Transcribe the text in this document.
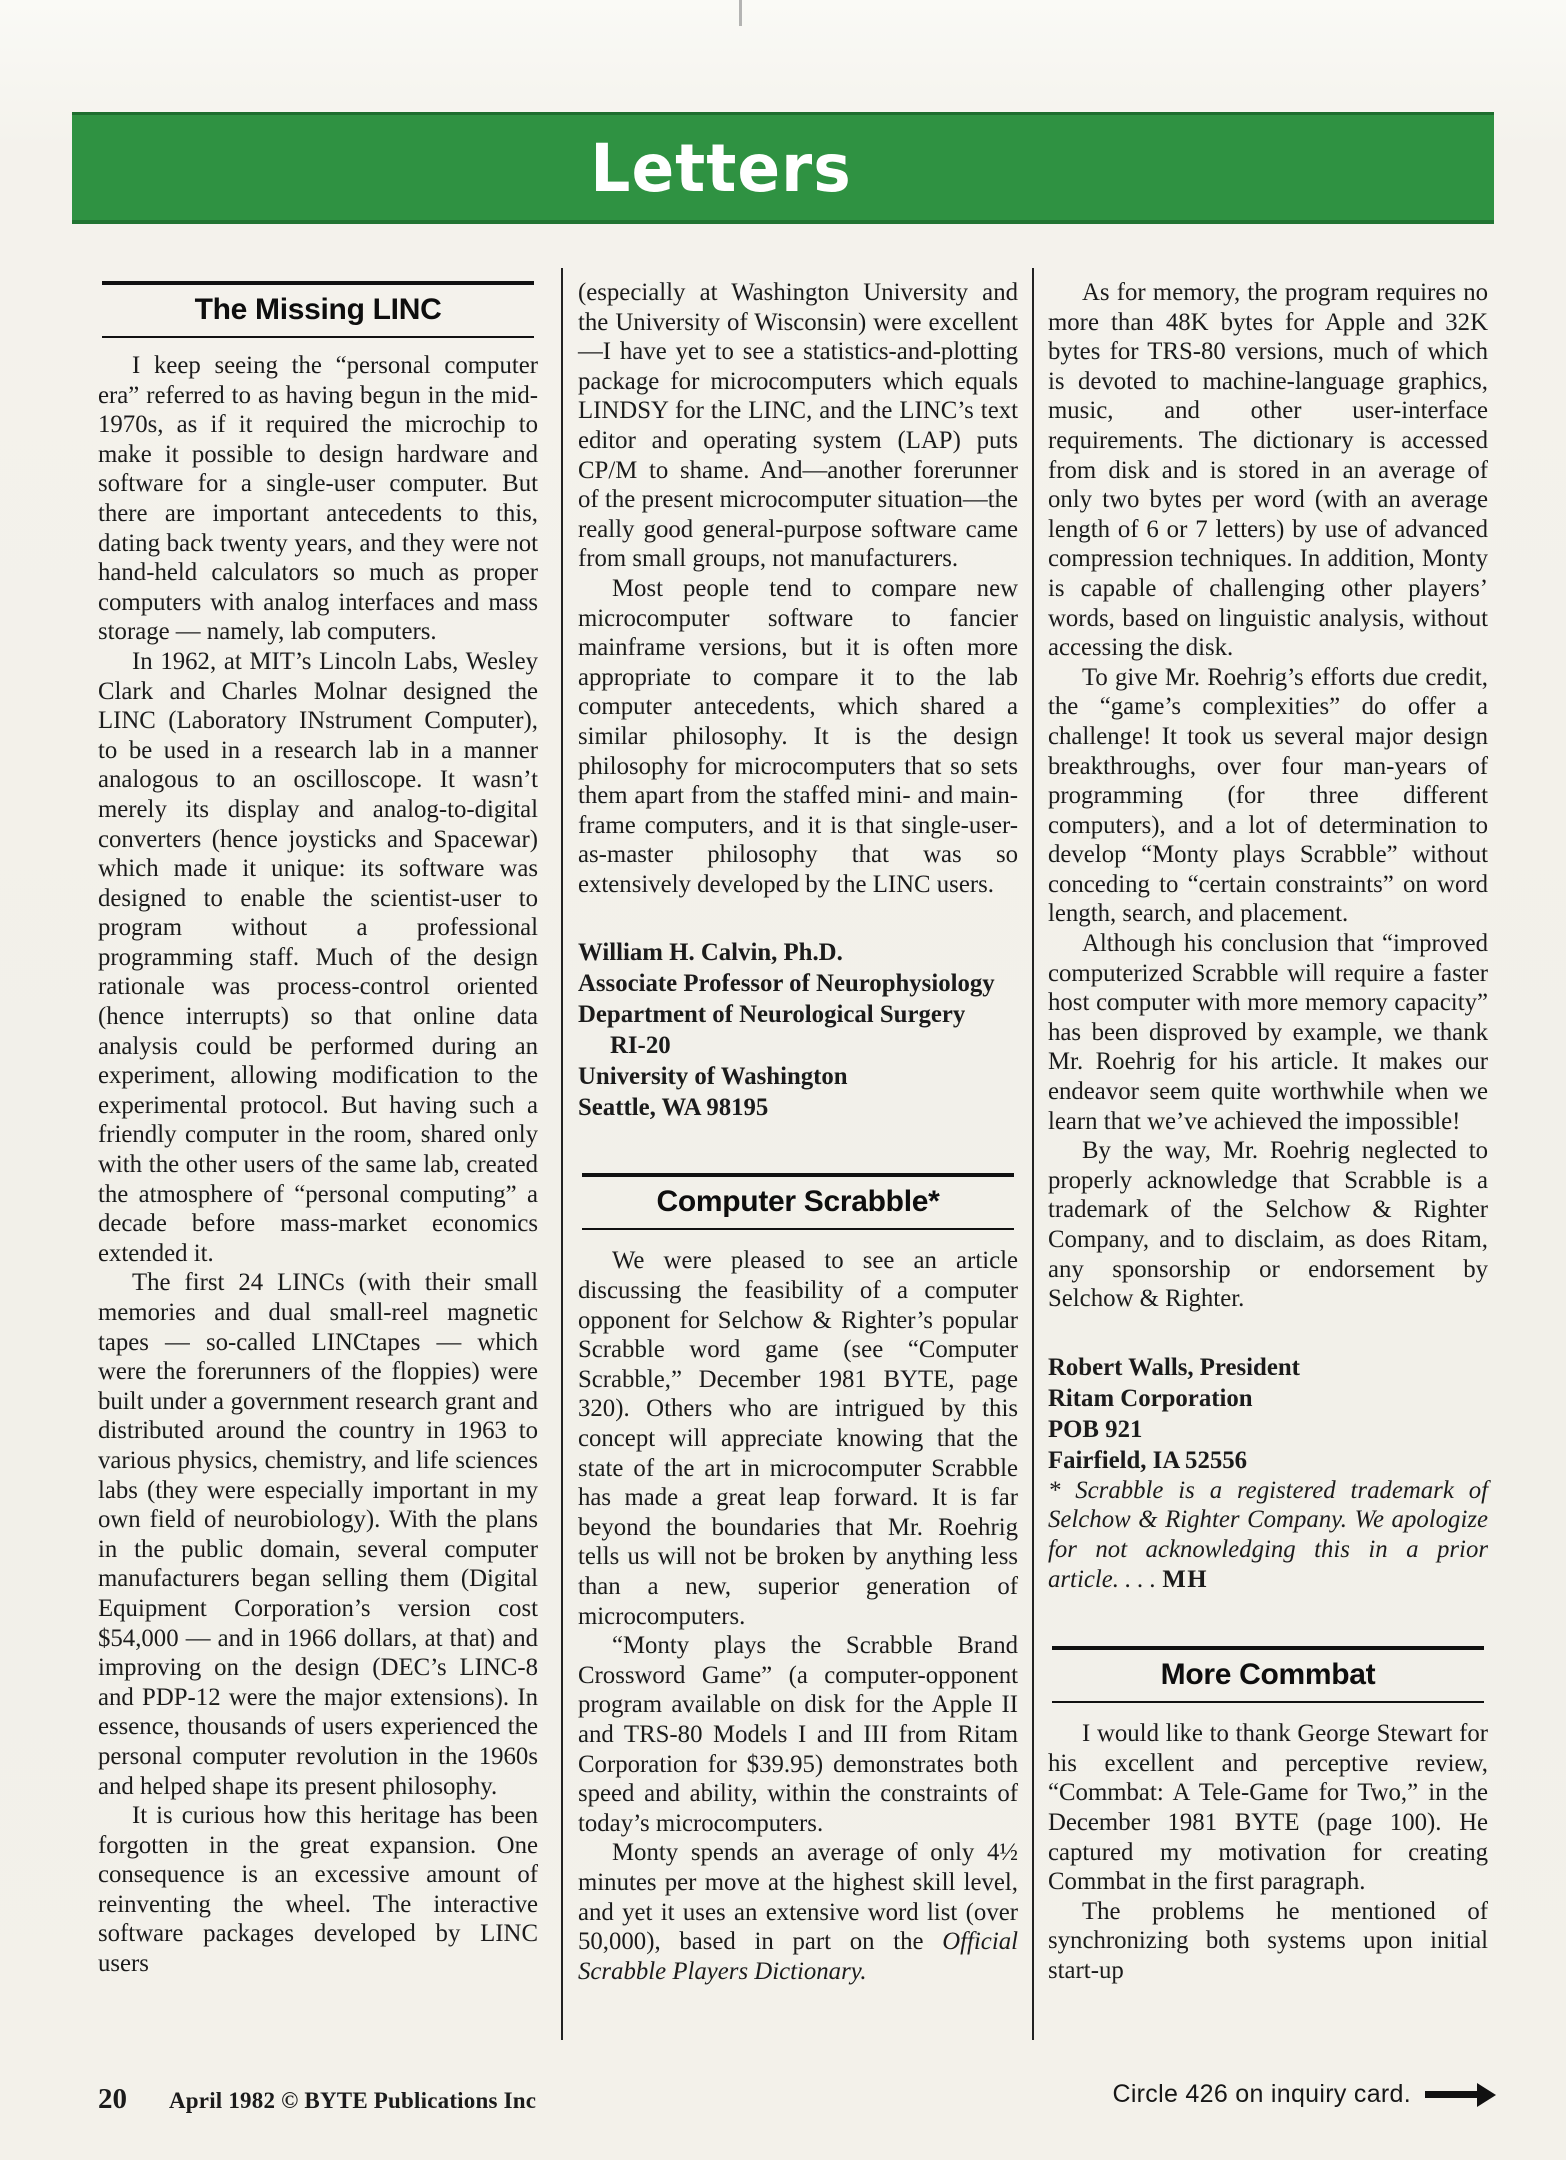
Letters
The Missing LINC

I keep seeing the “personal computer era” referred to as having begun in the mid-1970s, as if it required the microchip to make it possible to design hardware and software for a single-user computer. But there are important antecedents to this, dating back twenty years, and they were not hand-held calculators so much as proper computers with analog interfaces and mass storage — namely, lab computers.

In 1962, at MIT’s Lincoln Labs, Wesley Clark and Charles Molnar designed the LINC (Laboratory INstrument Computer), to be used in a research lab in a manner analogous to an oscilloscope. It wasn’t merely its display and analog-to-digital converters (hence joysticks and Spacewar) which made it unique: its software was designed to enable the scientist-user to program without a professional programming staff. Much of the design rationale was process-control oriented (hence interrupts) so that online data analysis could be performed during an experiment, allowing modification to the experimental protocol. But having such a friendly computer in the room, shared only with the other users of the same lab, created the atmosphere of “personal computing” a decade before mass-market economics extended it.

The first 24 LINCs (with their small memories and dual small-reel magnetic tapes — so-called LINCtapes — which were the forerunners of the floppies) were built under a government research grant and distributed around the country in 1963 to various physics, chemistry, and life sciences labs (they were especially important in my own field of neurobiology). With the plans in the public domain, several computer manufacturers began selling them (Digital Equipment Corporation’s version cost $54,000 — and in 1966 dollars, at that) and improving on the design (DEC’s LINC-8 and PDP-12 were the major extensions). In essence, thousands of users experienced the personal computer revolution in the 1960s and helped shape its present philosophy.

It is curious how this heritage has been forgotten in the great expansion. One consequence is an excessive amount of reinventing the wheel. The interactive software packages developed by LINC users

(especially at Washington University and the University of Wisconsin) were excellent—I have yet to see a statistics-and-plotting package for microcomputers which equals LINDSY for the LINC, and the LINC’s text editor and operating system (LAP) puts CP/M to shame. And—another forerunner of the present microcomputer situation—the really good general-purpose software came from small groups, not manufacturers.

Most people tend to compare new microcomputer software to fancier mainframe versions, but it is often more appropriate to compare it to the lab computer antecedents, which shared a similar philosophy. It is the design philosophy for microcomputers that so sets them apart from the staffed mini- and main-frame computers, and it is that single-user-as-master philosophy that was so extensively developed by the LINC users.

William H. Calvin, Ph.D.
Associate Professor of Neurophysiology
Department of Neurological Surgery
RI-20
University of Washington
Seattle, WA 98195
Computer Scrabble*

We were pleased to see an article discussing the feasibility of a computer opponent for Selchow & Righter’s popular Scrabble word game (see “Computer Scrabble,” December 1981 BYTE, page 320). Others who are intrigued by this concept will appreciate knowing that the state of the art in microcomputer Scrabble has made a great leap forward. It is far beyond the boundaries that Mr. Roehrig tells us will not be broken by anything less than a new, superior generation of microcomputers.

“Monty plays the Scrabble Brand Crossword Game” (a computer-opponent program available on disk for the Apple II and TRS-80 Models I and III from Ritam Corporation for $39.95) demonstrates both speed and ability, within the constraints of today’s microcomputers.

Monty spends an average of only 4½ minutes per move at the highest skill level, and yet it uses an extensive word list (over 50,000), based in part on the Official Scrabble Players Dictionary.

As for memory, the program requires no more than 48K bytes for Apple and 32K bytes for TRS-80 versions, much of which is devoted to machine-language graphics, music, and other user-interface requirements. The dictionary is accessed from disk and is stored in an average of only two bytes per word (with an average length of 6 or 7 letters) by use of advanced compression techniques. In addition, Monty is capable of challenging other players’ words, based on linguistic analysis, without accessing the disk.

To give Mr. Roehrig’s efforts due credit, the “game’s complexities” do offer a challenge! It took us several major design breakthroughs, over four man-years of programming (for three different computers), and a lot of determination to develop “Monty plays Scrabble” without conceding to “certain constraints” on word length, search, and placement.

Although his conclusion that “improved computerized Scrabble will require a faster host computer with more memory capacity” has been disproved by example, we thank Mr. Roehrig for his article. It makes our endeavor seem quite worthwhile when we learn that we’ve achieved the impossible!

By the way, Mr. Roehrig neglected to properly acknowledge that Scrabble is a trademark of the Selchow & Righter Company, and to disclaim, as does Ritam, any sponsorship or endorsement by Selchow & Righter.

Robert Walls, President
Ritam Corporation
POB 921
Fairfield, IA 52556

* Scrabble is a registered trademark of Selchow & Righter Company. We apologize for not acknowledging this in a prior article. . . . MH

More Commbat

I would like to thank George Stewart for his excellent and perceptive review, “Commbat: A Tele-Game for Two,” in the December 1981 BYTE (page 100). He captured my motivation for creating Commbat in the first paragraph.

The problems he mentioned of synchronizing both systems upon initial start-up

20 April 1982 © BYTE Publications Inc	Circle 426 on inquiry card.
